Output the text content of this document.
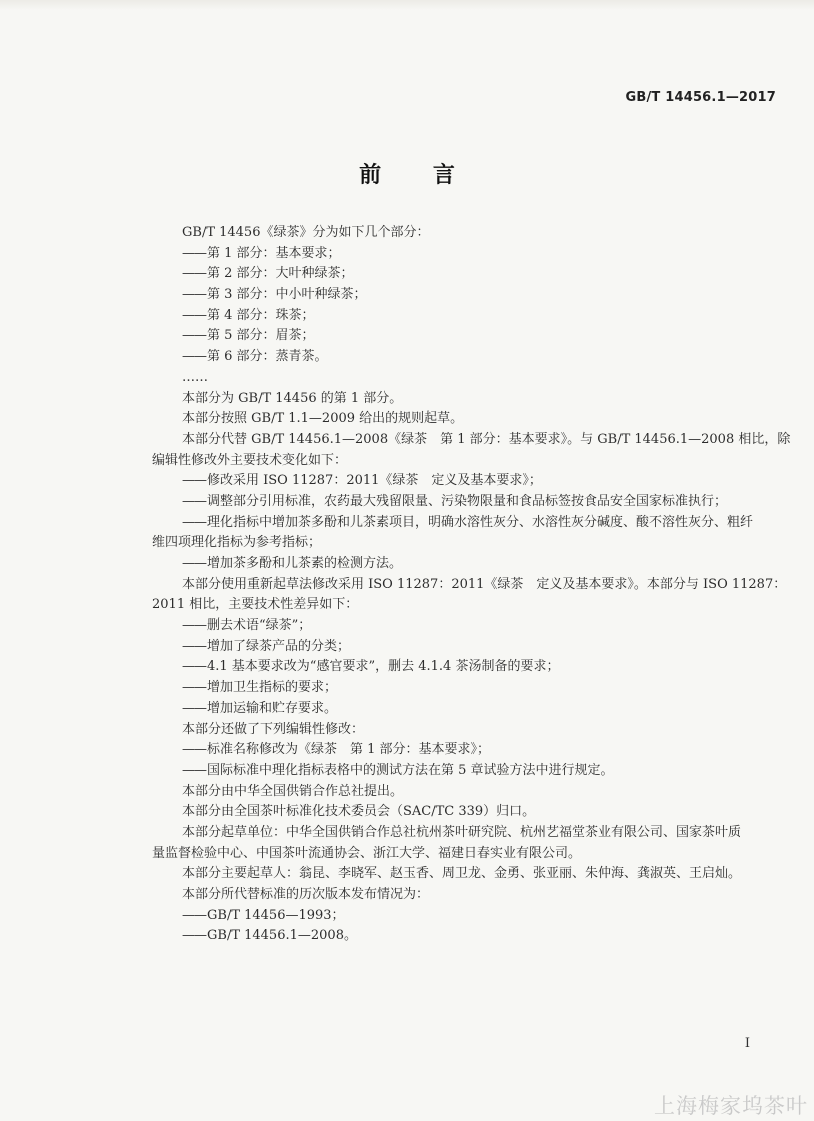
GB/T 14456.1—2017
前 言
GB/T 14456《绿茶》分为如下几个部分：
—— 第 1 部分：基本要求；
—— 第 2 部分：大叶种绿茶；
—— 第 3 部分：中小叶种绿茶；
—— 第 4 部分：珠茶；
—— 第 5 部分：眉茶；
—— 第 6 部分：蒸青茶。
……
本部分为 GB/T 14456 的第 1 部分。
本部分按照 GB/T 1.1—2009 给出的规则起草。
本部分代替 GB/T 14456.1—2008《绿茶　第 1 部分：基本要求》。与 GB/T 14456.1—2008 相比，除
编辑性修改外主要技术变化如下：
—— 修改采用 ISO 11287：2011《绿茶　定义及基本要求》；
—— 调整部分引用标准，农药最大残留限量、污染物限量和食品标签按食品安全国家标准执行；
—— 理化指标中增加茶多酚和儿茶素项目，明确水溶性灰分、水溶性灰分碱度、酸不溶性灰分、粗纤
维四项理化指标为参考指标；
—— 增加茶多酚和儿茶素的检测方法。
本部分使用重新起草法修改采用 ISO 11287：2011《绿茶　定义及基本要求》。本部分与 ISO 11287：
2011 相比，主要技术性差异如下：
—— 删去术语“绿茶”；
—— 增加了绿茶产品的分类；
—— 4.1 基本要求改为“感官要求”，删去 4.1.4 茶汤制备的要求；
—— 增加卫生指标的要求；
—— 增加运输和贮存要求。
本部分还做了下列编辑性修改：
—— 标准名称修改为《绿茶　第 1 部分：基本要求》；
—— 国际标准中理化指标表格中的测试方法在第 5 章试验方法中进行规定。
本部分由中华全国供销合作总社提出。
本部分由全国茶叶标准化技术委员会（SAC/TC 339）归口。
本部分起草单位：中华全国供销合作总社杭州茶叶研究院、杭州艺福堂茶业有限公司、国家茶叶质
量监督检验中心、中国茶叶流通协会、浙江大学、福建日春实业有限公司。
本部分主要起草人：翁昆、李晓军、赵玉香、周卫龙、金勇、张亚丽、朱仲海、龚淑英、王启灿。
本部分所代替标准的历次版本发布情况为：
—— GB/T 14456—1993；
—— GB/T 14456.1—2008。
I
上海梅家坞茶叶
